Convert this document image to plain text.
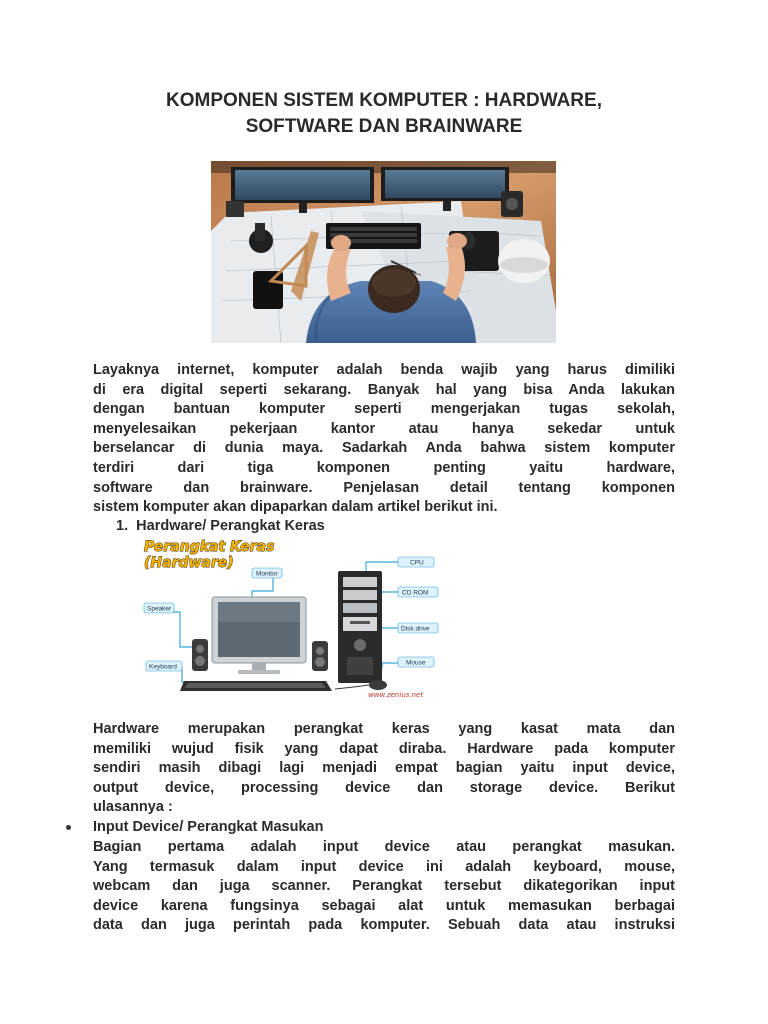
KOMPONEN SISTEM KOMPUTER : HARDWARE,
SOFTWARE DAN BRAINWARE
Layaknya internet, komputer adalah benda wajib yang harus dimiliki
di era digital seperti sekarang. Banyak hal yang bisa Anda lakukan
dengan bantuan komputer seperti mengerjakan tugas sekolah,
menyelesaikan pekerjaan kantor atau hanya sekedar untuk
berselancar di dunia maya. Sadarkah Anda bahwa sistem komputer
terdiri dari tiga komponen penting yaitu hardware,
software dan brainware. Penjelasan detail tentang komponen
sistem komputer akan dipaparkan dalam artikel berikut ini.

1. Hardware/ Perangkat Keras

Perangkat Keras
(Hardware)
Monitor
Speaker
Keyboard
CPU
CD ROM
Disk drive
Mouse
www.zenius.net
Hardware merupakan perangkat keras yang kasat mata dan
memiliki wujud fisik yang dapat diraba. Hardware pada komputer
sendiri masih dibagi lagi menjadi empat bagian yaitu input device,
output device, processing device dan storage device. Berikut
ulasannya :

Input Device/ Perangkat Masukan

Bagian pertama adalah input device atau perangkat masukan.
Yang termasuk dalam input device ini adalah keyboard, mouse,
webcam dan juga scanner. Perangkat tersebut dikategorikan input
device karena fungsinya sebagai alat untuk memasukan berbagai
data dan juga perintah pada komputer. Sebuah data atau instruksi
